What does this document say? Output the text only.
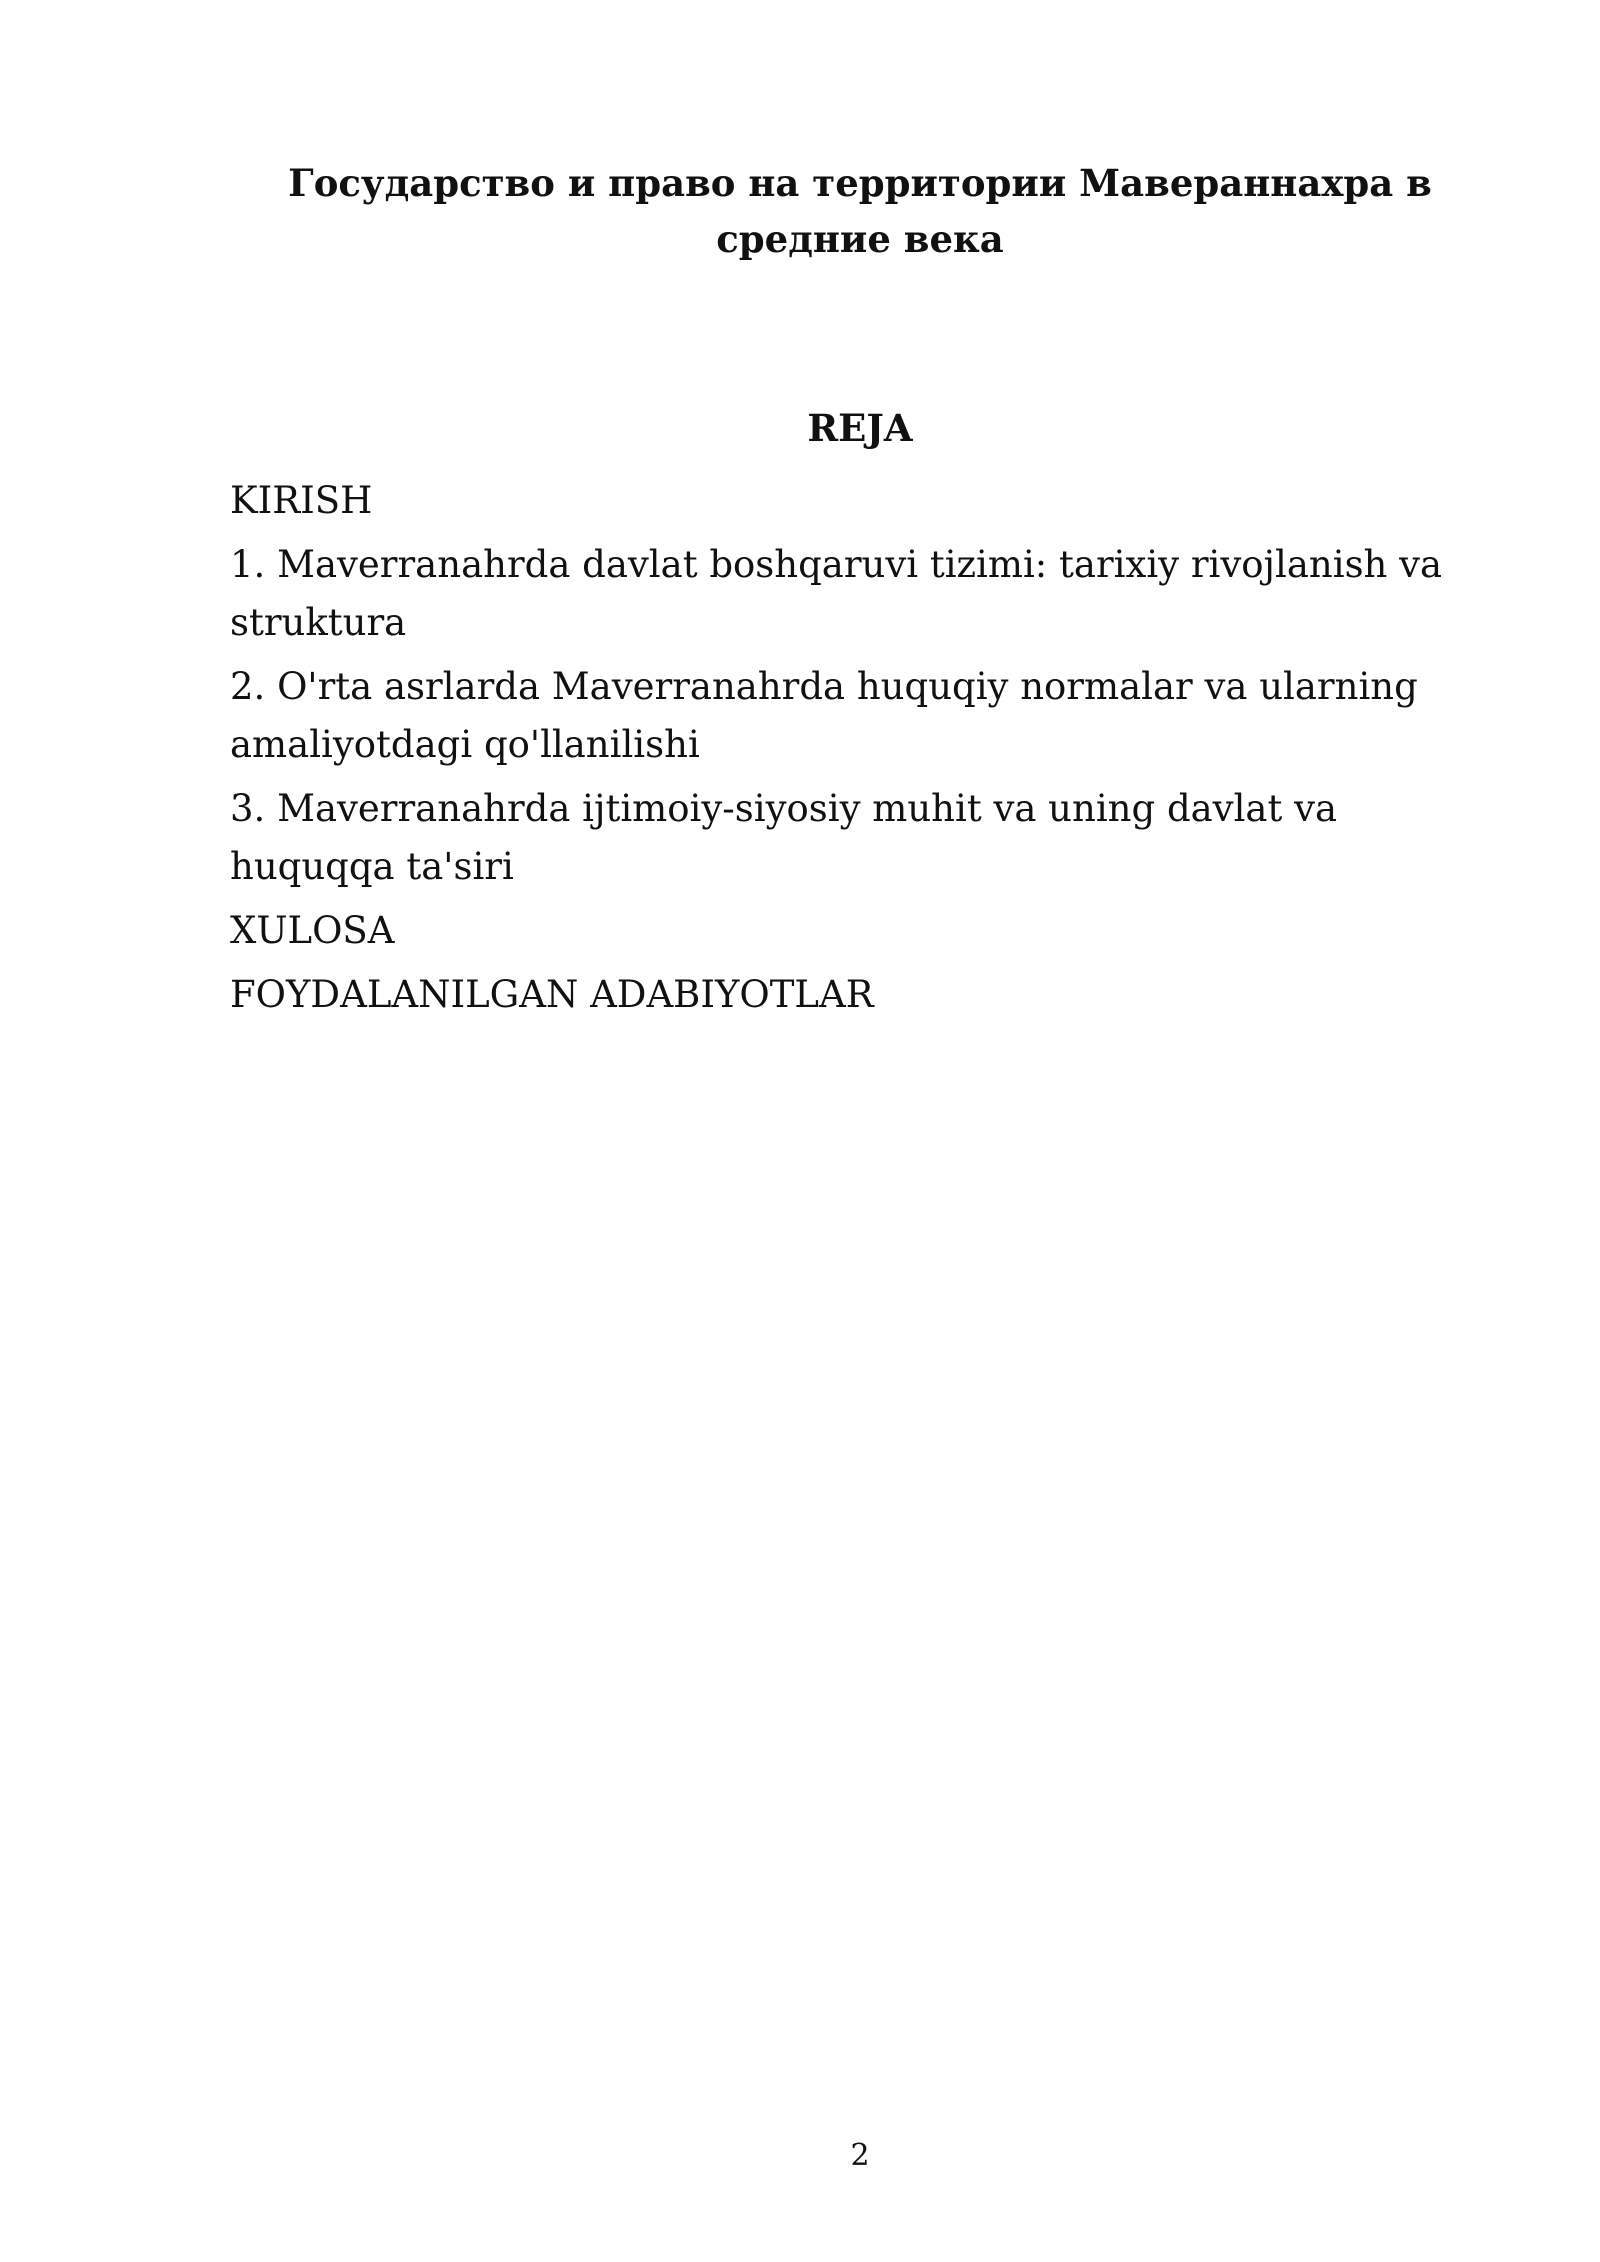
Государство и право на территории Мавераннахра в средние века
REJA
KIRISH
1. Maverranahrda davlat boshqaruvi tizimi: tarixiy rivojlanish va struktura
2. O'rta asrlarda Maverranahrda huquqiy normalar va ularning amaliyotdagi qo'llanilishi
3. Maverranahrda ijtimoiy-siyosiy muhit va uning davlat va huquqqa ta'siri
XULOSA
FOYDALANILGAN ADABIYOTLAR
2
